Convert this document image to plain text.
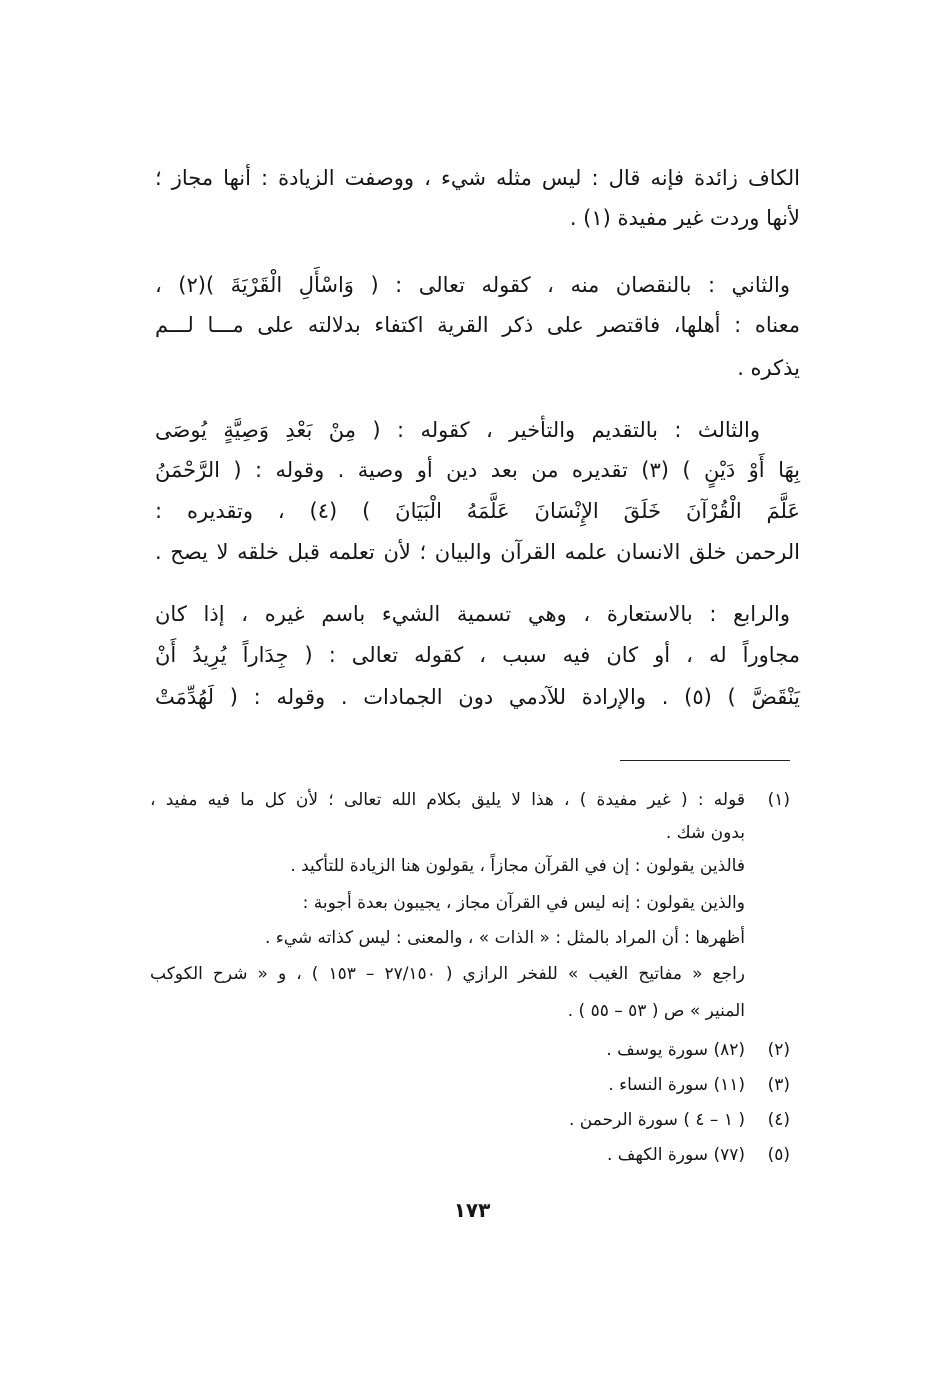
الكاف زائدة فإنه قال : ليس مثله شيء ، ووصفت الزيادة : أنها مجاز ؛
لأنها وردت غير مفيدة (١) .
والثاني : بالنقصان منه ، كقوله تعالى : ( وَاسْأَلِ الْقَرْيَةَ )(٢) ،
معناه : أهلها، فاقتصر على ذكر القرية اكتفاء بدلالته على مـــا لـــم
يذكره .
والثالث : بالتقديم والتأخير ، كقوله : ( مِنْ بَعْدِ وَصِيَّةٍ يُوصَى
بِهَا أَوْ دَيْنٍ ) (٣) تقديره من بعد دين أو وصية . وقوله : ( الرَّحْمَنُ
عَلَّمَ الْقُرْآنَ خَلَقَ الإِنْسَانَ عَلَّمَهُ الْبَيَانَ ) (٤) ، وتقديره :
الرحمن خلق الانسان علمه القرآن والبيان ؛ لأن تعلمه قبل خلقه لا يصح .
والرابع : بالاستعارة ، وهي تسمية الشيء باسم غيره ، إذا كان
مجاوراً له ، أو كان فيه سبب ، كقوله تعالى : ( جِدَاراً يُرِيدُ أَنْ
يَنْقَضَّ ) (٥) . والإرادة للآدمي دون الجمادات . وقوله : ( لَهُدِّمَتْ
(١)
قوله : ( غير مفيدة ) ، هذا لا يليق بكلام الله تعالى ؛ لأن كل ما فيه مفيد ،
بدون شك .
فالذين يقولون : إن في القرآن مجازاً ، يقولون هنا الزيادة للتأكيد .
والذين يقولون : إنه ليس في القرآن مجاز ، يجيبون بعدة أجوبة :
أظهرها : أن المراد بالمثل : « الذات » ، والمعنى : ليس كذاته شيء .
راجع « مفاتيح الغيب » للفخر الرازي ( ٢٧/١٥٠ – ١٥٣ ) ، و « شرح الكوكب
المنير » ص ( ٥٣ – ٥٥ ) .
(٢)
(٨٢) سورة يوسف .
(٣)
(١١) سورة النساء .
(٤)
( ١ – ٤ ) سورة الرحمن .
(٥)
(٧٧) سورة الكهف .
١٧٣
